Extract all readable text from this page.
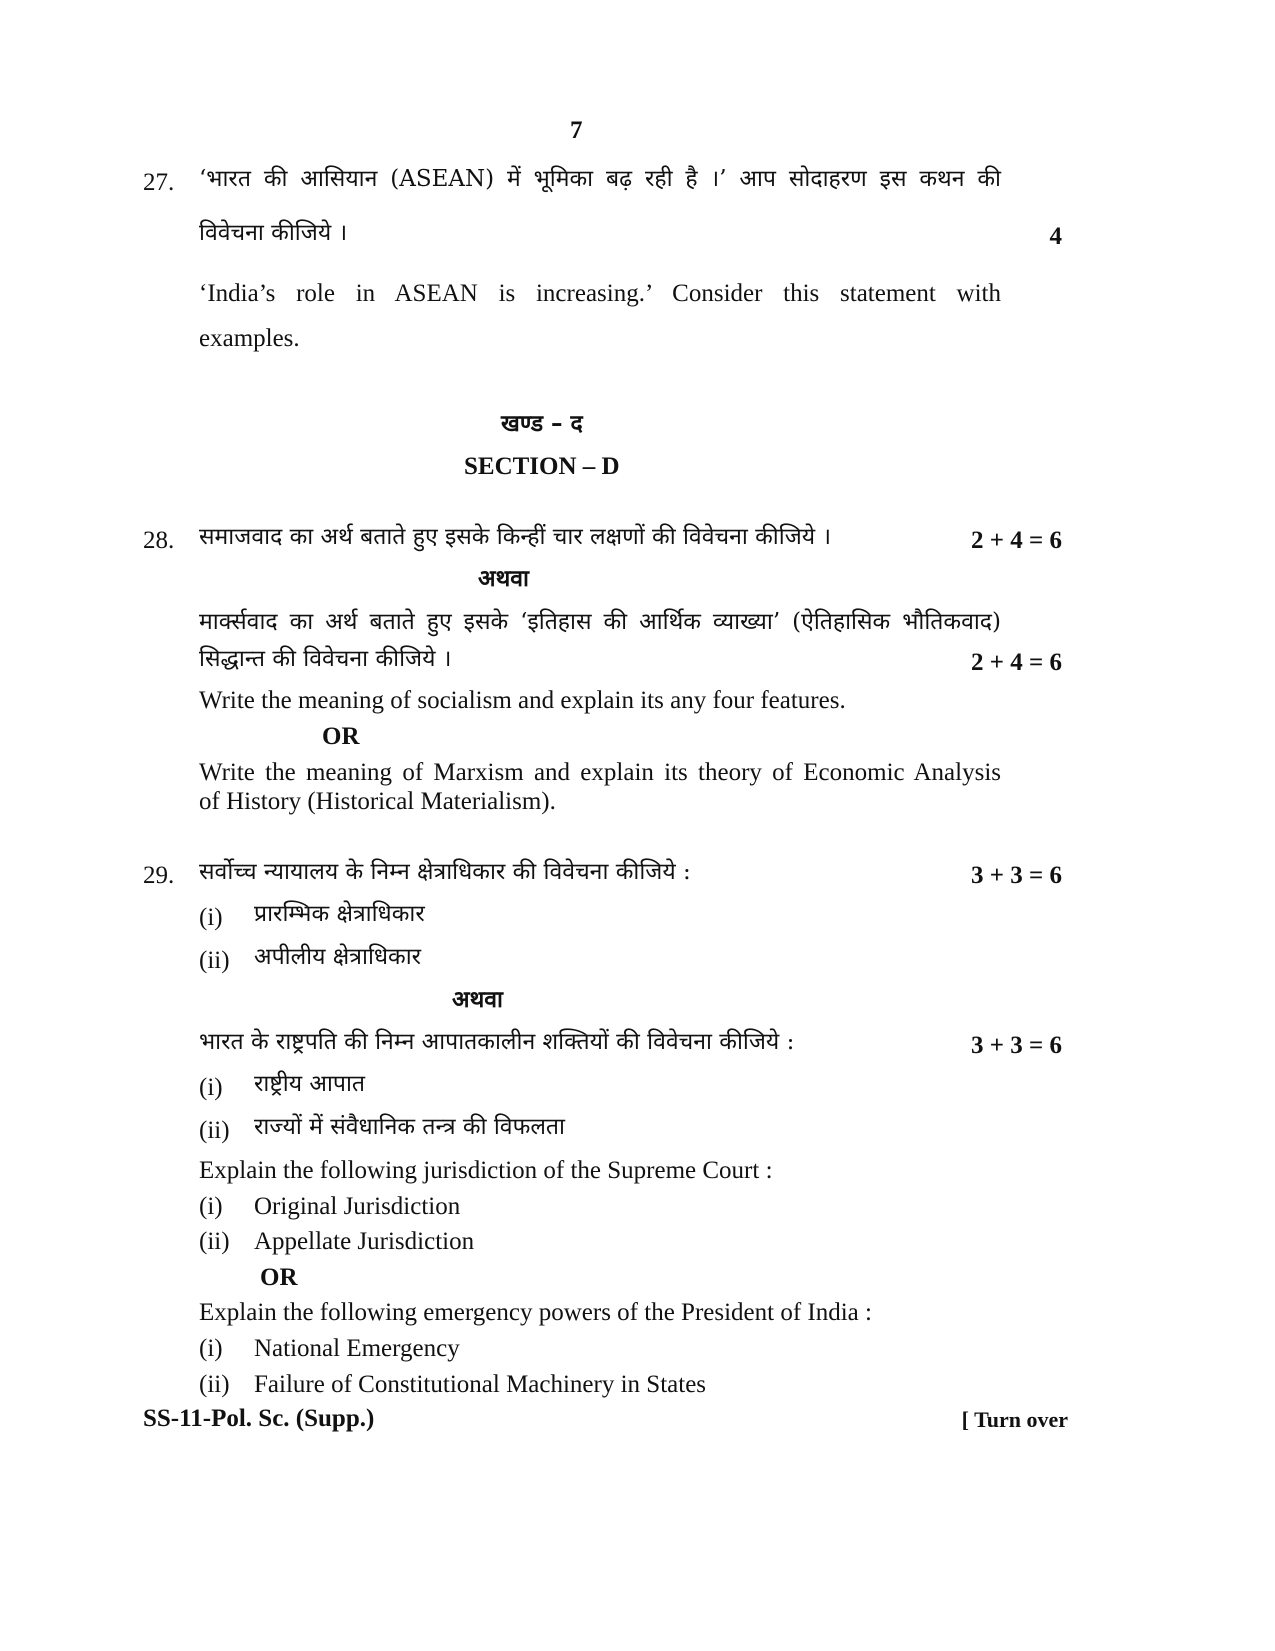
7
27. ‘भारत की आसियान (ASEAN) में भूमिका बढ़ रही है ।’ आप सोदाहरण इस कथन की
विवेचना कीजिये ।	4
‘India’s role in ASEAN is increasing.’ Consider this statement with
examples.
खण्ड – द
SECTION – D
28. समाजवाद का अर्थ बताते हुए इसके किन्हीं चार लक्षणों की विवेचना कीजिये ।	2 + 4 = 6
अथवा
मार्क्सवाद का अर्थ बताते हुए इसके ‘इतिहास की आर्थिक व्याख्या’ (ऐतिहासिक भौतिकवाद)
सिद्धान्त की विवेचना कीजिये ।	2 + 4 = 6
Write the meaning of socialism and explain its any four features.
OR
Write the meaning of Marxism and explain its theory of Economic Analysis
of History (Historical Materialism).
29. सर्वोच्च न्यायालय के निम्न क्षेत्राधिकार की विवेचना कीजिये :	3 + 3 = 6
(i) प्रारम्भिक क्षेत्राधिकार
(ii) अपीलीय क्षेत्राधिकार
अथवा
भारत के राष्ट्रपति की निम्न आपातकालीन शक्तियों की विवेचना कीजिये :	3 + 3 = 6
(i) राष्ट्रीय आपात
(ii) राज्यों में संवैधानिक तन्त्र की विफलता
Explain the following jurisdiction of the Supreme Court :
(i) Original Jurisdiction
(ii) Appellate Jurisdiction
OR
Explain the following emergency powers of the President of India :
(i) National Emergency
(ii) Failure of Constitutional Machinery in States
SS-11-Pol. Sc. (Supp.)	[ Turn over
